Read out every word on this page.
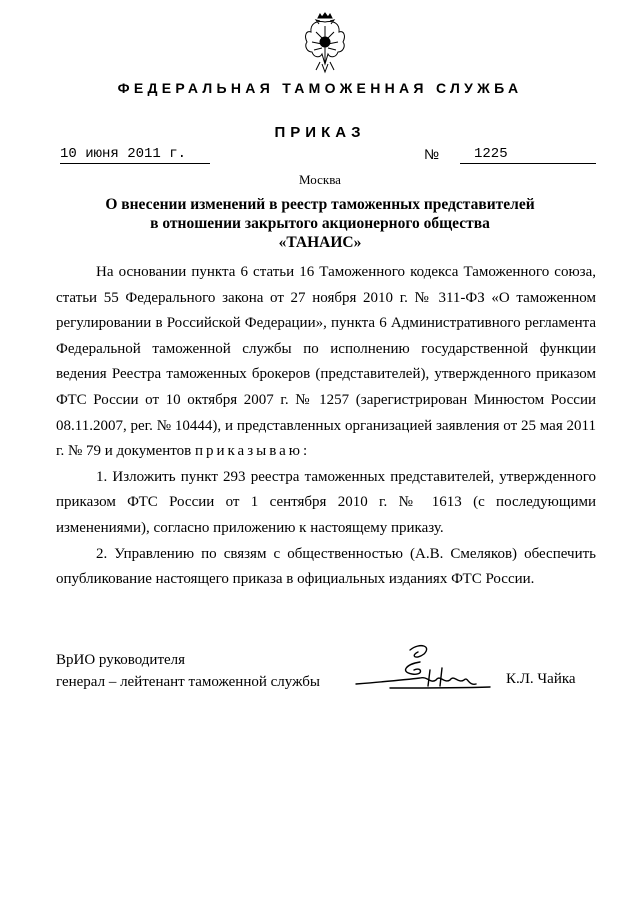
ФЕДЕРАЛЬНАЯ ТАМОЖЕННАЯ СЛУЖБА
ПРИКАЗ
10 июня 2011 г.	№	1225
Москва
О внесении изменений в реестр таможенных представителей
в отношении закрытого акционерного общества
«ТАНАИС»

На основании пункта 6 статьи 16 Таможенного кодекса Таможенного союза, статьи 55 Федерального закона от 27 ноября 2010 г. № 311-ФЗ «О таможенном регулировании в Российской Федерации», пункта 6 Административного регламента Федеральной таможенной службы по исполнению государственной функции ведения Реестра таможенных брокеров (представителей), утвержденного приказом ФТС России от 10 октября 2007 г. № 1257 (зарегистрирован Минюстом России 08.11.2007, рег. № 10444), и представленных организацией заявления от 25 мая 2011 г. № 79 и документов приказываю:

1. Изложить пункт 293 реестра таможенных представителей, утвержденного приказом ФТС России от 1 сентября 2010 г. № 1613 (с последующими изменениями), согласно приложению к настоящему приказу.

2. Управлению по связям с общественностью (А.В. Смеляков) обеспечить опубликование настоящего приказа в официальных изданиях ФТС России.

ВрИО руководителя
генерал – лейтенант таможенной службы	К.Л. Чайка
